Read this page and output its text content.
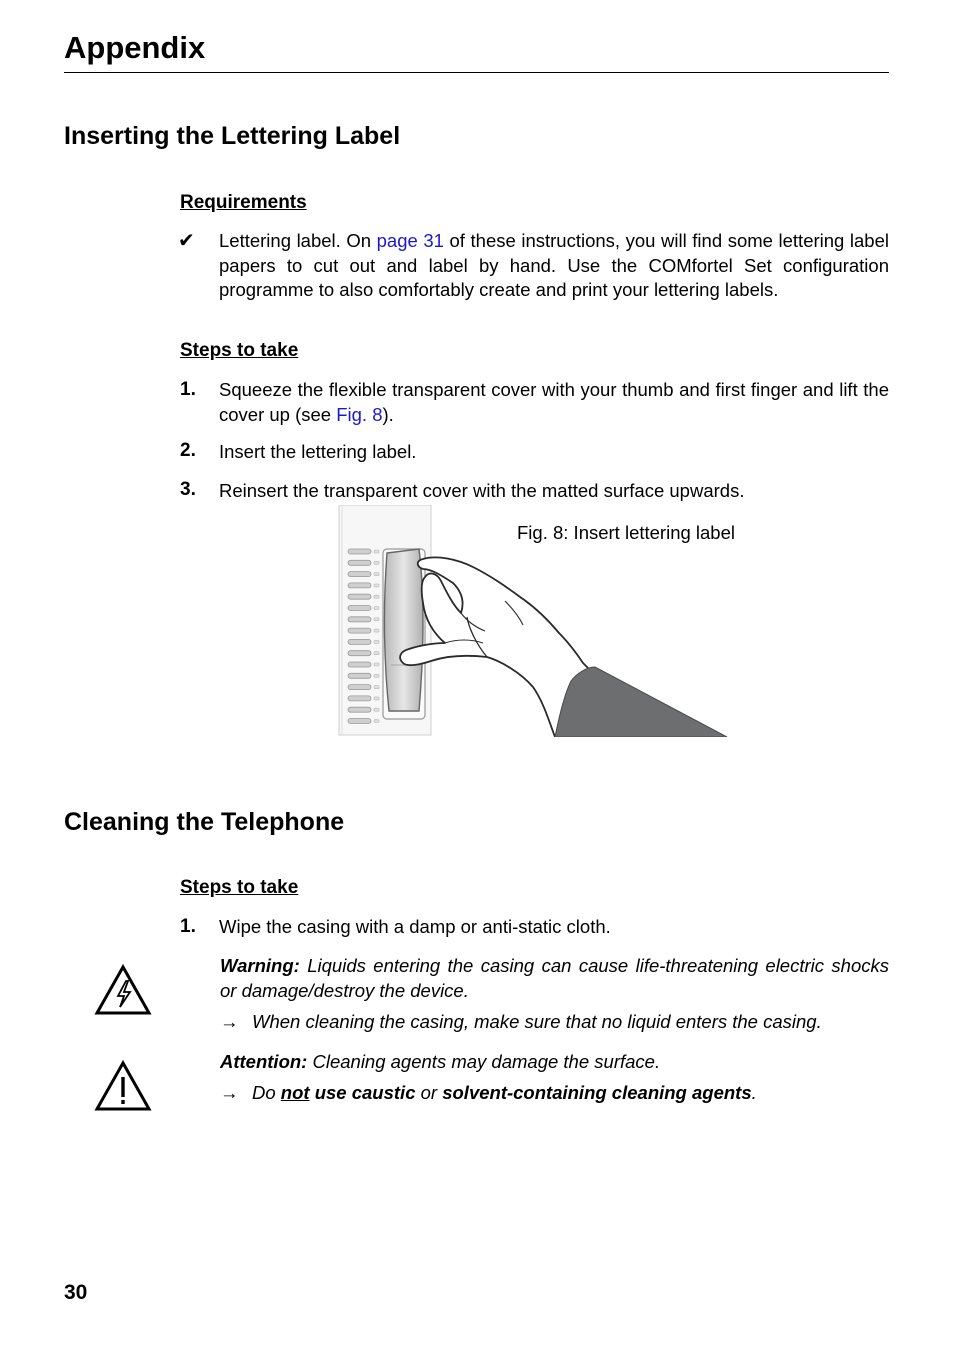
Appendix
Inserting the Lettering Label
Requirements
✔ Lettering label. On page 31 of these instructions, you will find some lettering label papers to cut out and label by hand. Use the COMfortel Set configuration programme to also comfortably create and print your lettering labels.
Steps to take
1. Squeeze the flexible transparent cover with your thumb and first finger and lift the cover up (see Fig. 8).
2. Insert the lettering label.
3. Reinsert the transparent cover with the matted surface upwards.
Fig. 8: Insert lettering label
Cleaning the Telephone
Steps to take
1. Wipe the casing with a damp or anti-static cloth.
Warning: Liquids entering the casing can cause life-threatening electric shocks or damage/destroy the device.
→ When cleaning the casing, make sure that no liquid enters the casing.
Attention: Cleaning agents may damage the surface.
→ Do not use caustic or solvent-containing cleaning agents.
30
